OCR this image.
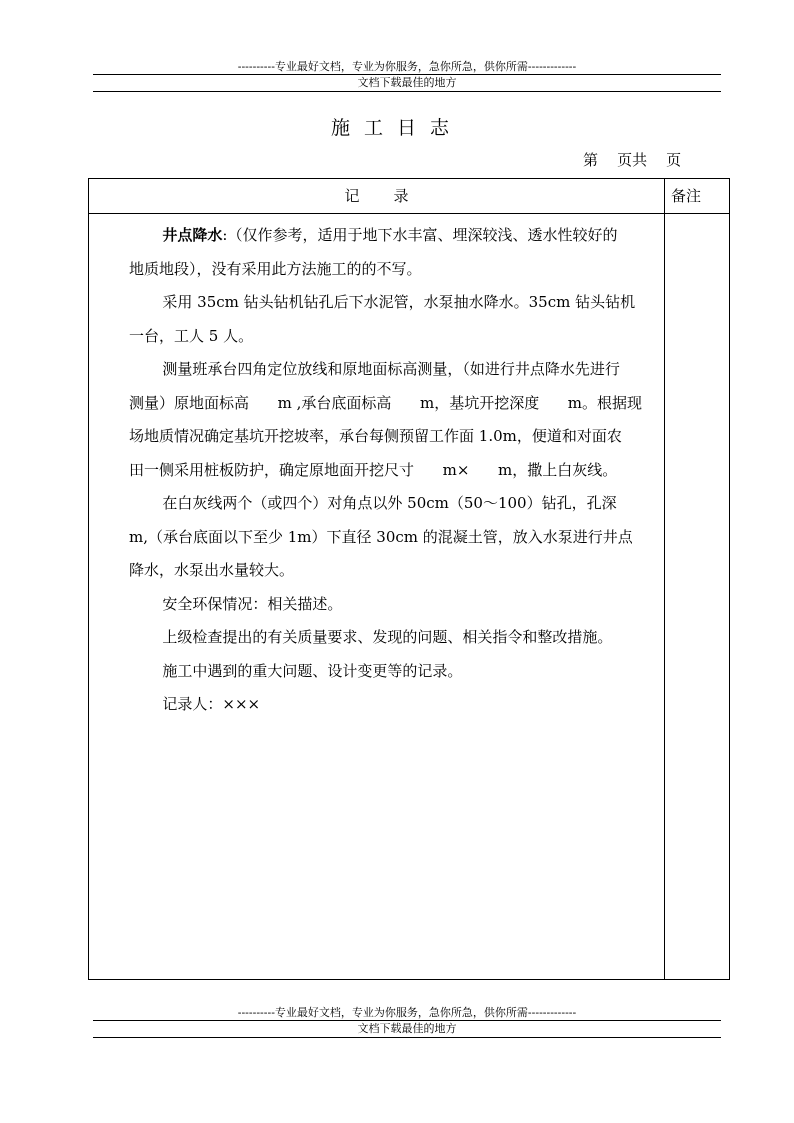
----------专业最好文档，专业为你服务，急你所急，供你所需-------------
文档下载最佳的地方
施工日志
第    页共    页
记录	备注

井点降水:（仅作参考，适用于地下水丰富、埋深较浅、透水性较好的

地质地段），没有采用此方法施工的的不写。

采用 35cm 钻头钻机钻孔后下水泥管，水泵抽水降水。35cm 钻头钻机

一台，工人 5 人。

测量班承台四角定位放线和原地面标高测量，（如进行井点降水先进行

测量）原地面标高      m ,承台底面标高      m，基坑开挖深度      m。根据现

场地质情况确定基坑开挖坡率，承台每侧预留工作面 1.0m，便道和对面农

田一侧采用桩板防护，确定原地面开挖尺寸      m×      m，撒上白灰线。

在白灰线两个（或四个）对角点以外 50cm（50～100）钻孔，孔深

m,（承台底面以下至少 1m）下直径 30cm 的混凝土管，放入水泵进行井点

降水，水泵出水量较大。

安全环保情况：相关描述。

上级检查提出的有关质量要求、发现的问题、相关指令和整改措施。

施工中遇到的重大问题、设计变更等的记录。

记录人：×××

----------专业最好文档，专业为你服务，急你所急，供你所需-------------
文档下载最佳的地方
